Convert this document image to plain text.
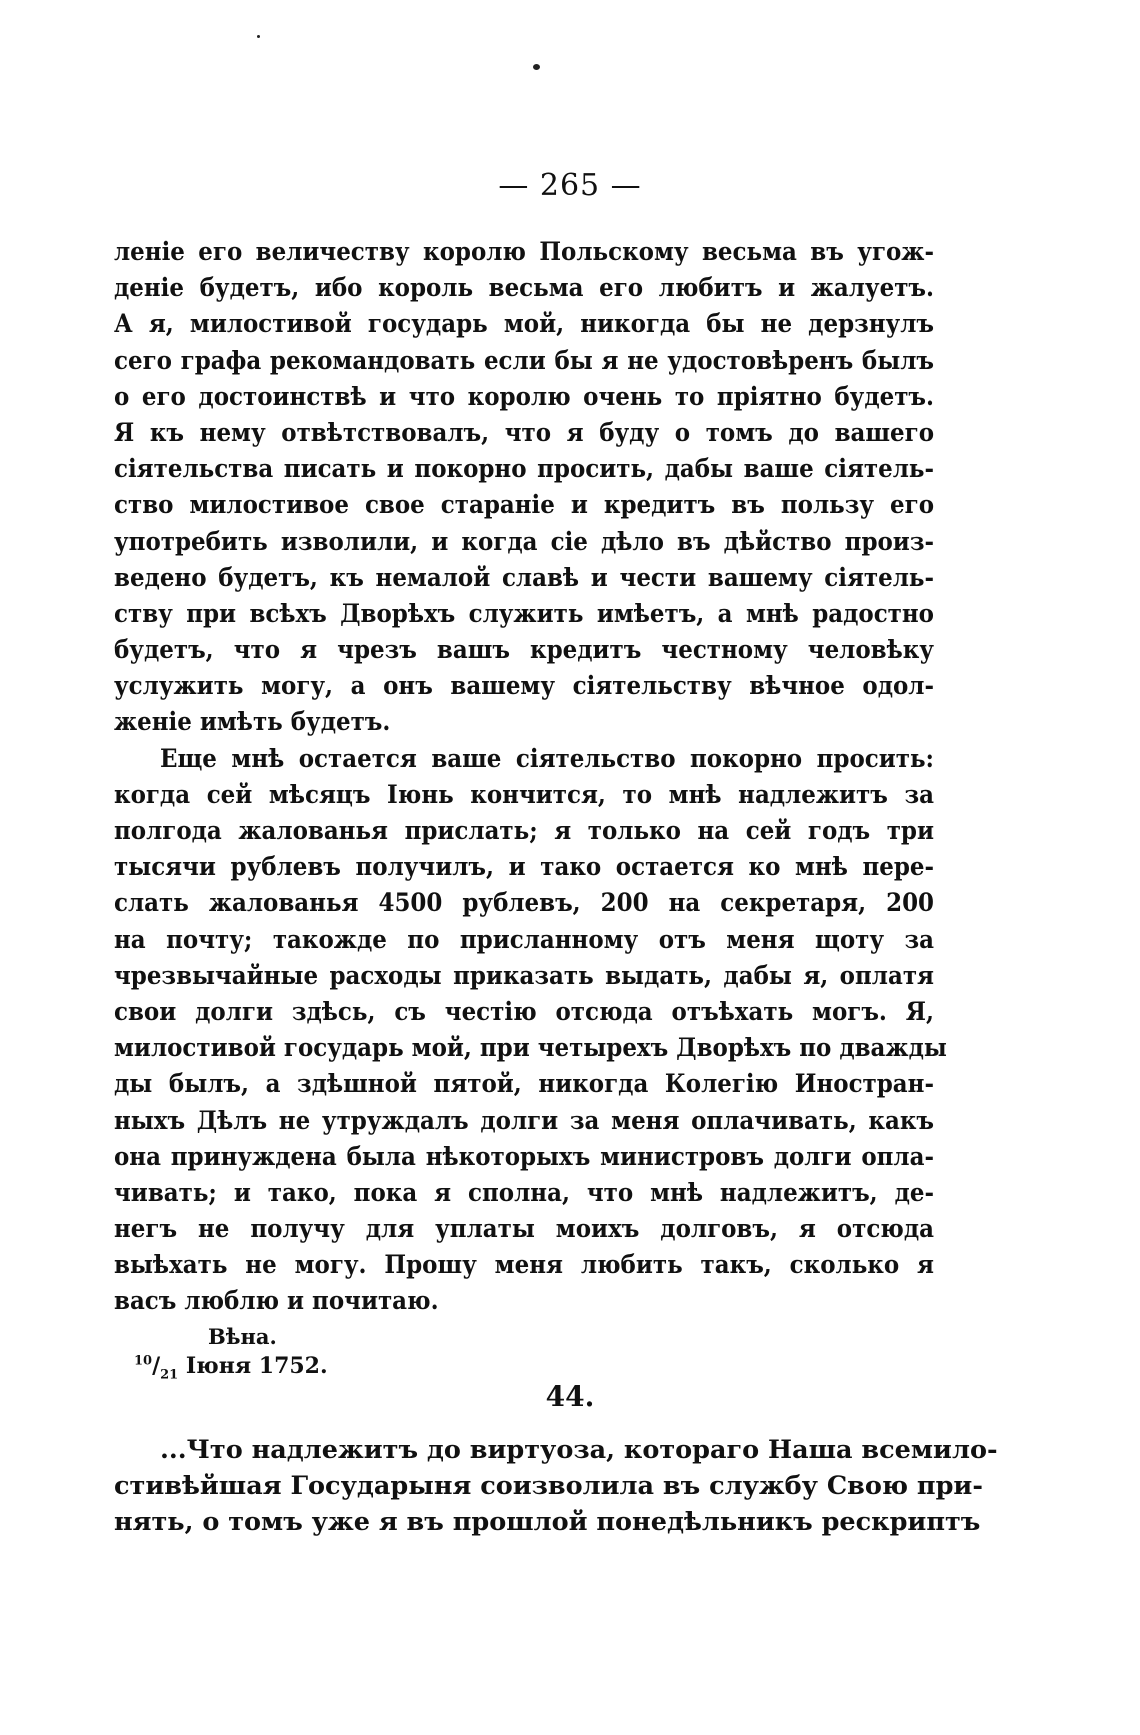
— 265 —
леніе его величеству королю Польскому весьма въ угож-
деніе будетъ, ибо король весьма его любитъ и жалуетъ.
А я, милостивой государь мой, никогда бы не дерзнулъ
сего графа рекомандовать если бы я не удостовѣренъ былъ
о его достоинствѣ и что королю очень то пріятно будетъ.
Я къ нему отвѣтствовалъ, что я буду о томъ до вашего
сіятельства писать и покорно просить, дабы ваше сіятель-
ство милостивое свое стараніе и кредитъ въ пользу его
употребить изволили, и когда сіе дѣло въ дѣйство произ-
ведено будетъ, къ немалой славѣ и чести вашему сіятель-
ству при всѣхъ Дворѣхъ служить имѣетъ, а мнѣ радостно
будетъ, что я чрезъ вашъ кредитъ честному человѣку
услужить могу, а онъ вашему сіятельству вѣчное одол-
женіе имѣть будетъ.
Еще мнѣ остается ваше сіятельство покорно просить:
когда сей мѣсяцъ Іюнь кончится, то мнѣ надлежитъ за
полгода жалованья прислать; я только на сей годъ три
тысячи рублевъ получилъ, и тако остается ко мнѣ пере-
слать жалованья 4500 рублевъ, 200 на секретаря, 200
на почту; такожде по присланному отъ меня щоту за
чрезвычайные расходы приказать выдать, дабы я, оплатя
свои долги здѣсь, съ честію отсюда отъѣхать могъ. Я,
милостивой государь мой, при четырехъ Дворѣхъ по дважды
ды былъ, а здѣшной пятой, никогда Колегію Иностран-
ныхъ Дѣлъ не утруждалъ долги за меня оплачивать, какъ
она принуждена была нѣкоторыхъ министровъ долги опла-
чивать; и тако, пока я сполна, что мнѣ надлежитъ, де-
негъ не получу для уплаты моихъ долговъ, я отсюда
выѣхать не могу. Прошу меня любить такъ, сколько я
васъ люблю и почитаю.
Вѣна.
$^{10}/_{21}$ Іюня 1752.
44.
...Что надлежитъ до виртуоза, котораго Наша всемило-
стивѣйшая Государыня соизволила въ службу Свою при-
нять, о томъ уже я въ прошлой понедѣльникъ рескриптъ
